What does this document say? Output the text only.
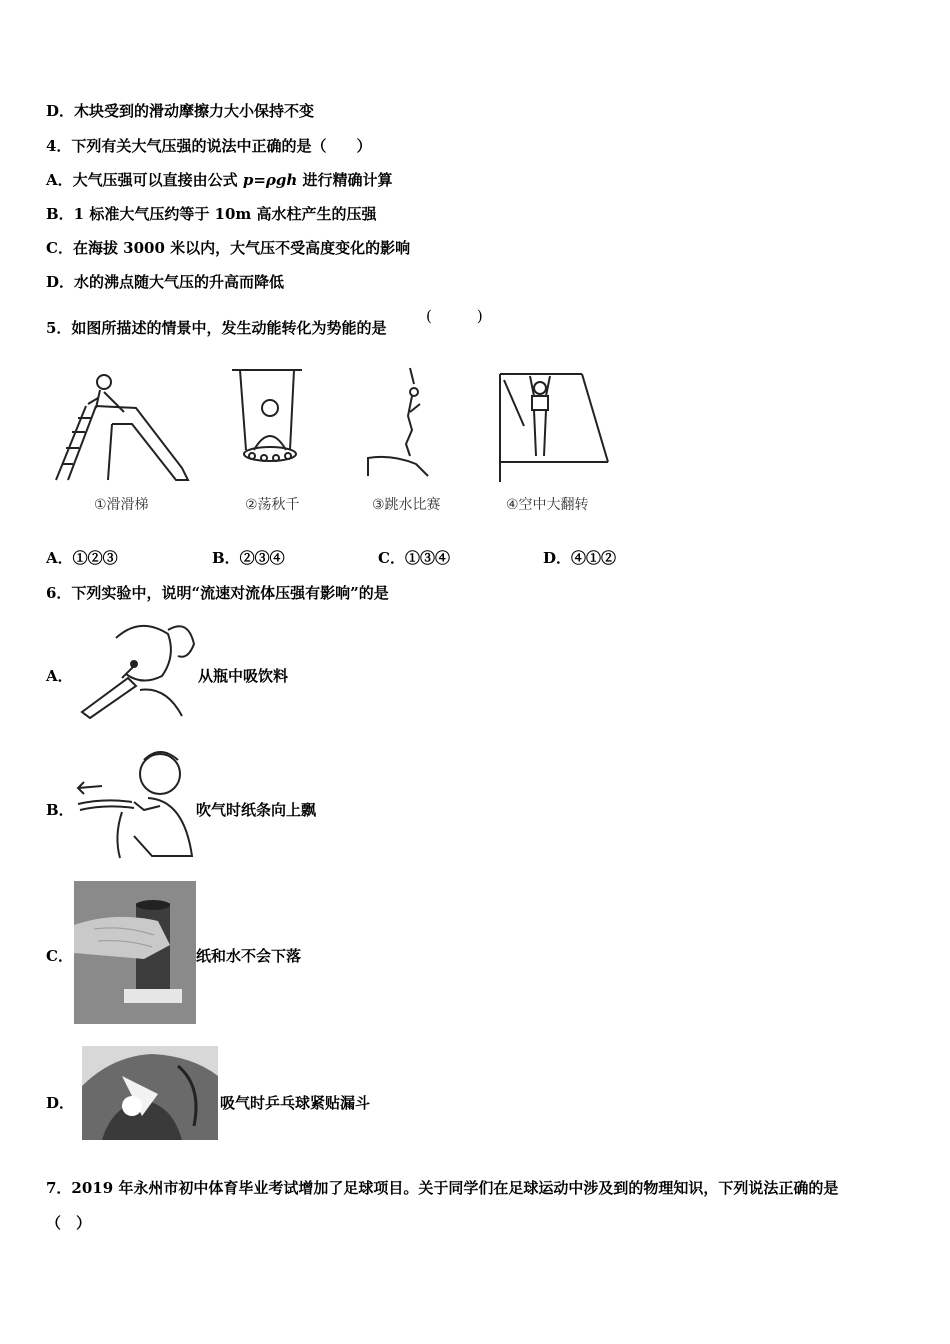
D．木块受到的滑动摩擦力大小保持不变
4．下列有关大气压强的说法中正确的是（　　）
A．大气压强可以直接由公式 p=ρgh 进行精确计算
B．1 标准大气压约等于 10m 高水柱产生的压强
C．在海拔 3000 米以内，大气压不受高度变化的影响
D．水的沸点随大气压的升高而降低
5．如图所描述的情景中，发生动能转化为势能的是
(　　　)
①滑滑梯	②荡秋千	③跳水比赛	④空中大翻转
A．①②③	B．②③④	C．①③④	D．④①②
6．下列实验中，说明“流速对流体压强有影响”的是
A．	从瓶中吸饮料
B．	吹气时纸条向上飘
C．	纸和水不会下落
D．	吸气时乒乓球紧贴漏斗
7．2019 年永州市初中体育毕业考试增加了足球项目。关于同学们在足球运动中涉及到的物理知识，下列说法正确的是
（　）
